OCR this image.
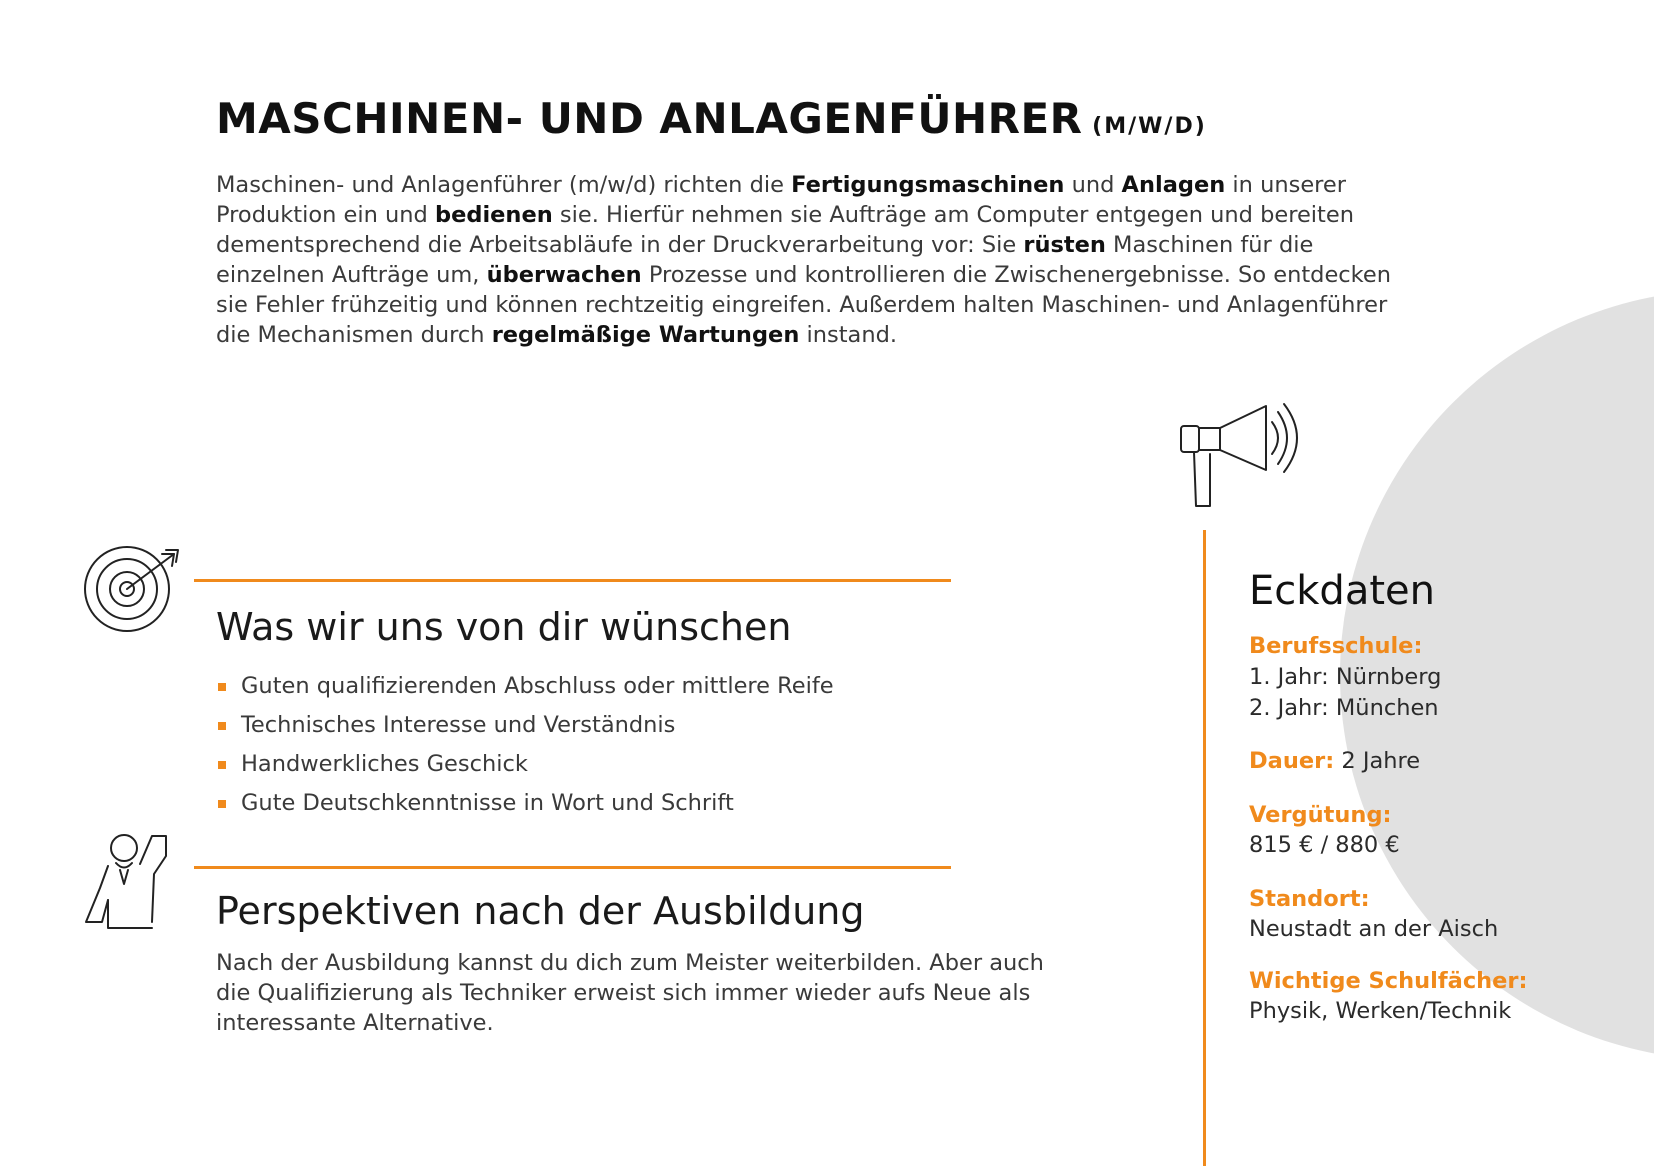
MASCHINEN- UND ANLAGENFÜHRER (M/W/D)

Maschinen- und Anlagenführer (m/w/d) richten die Fertigungsmaschinen und Anlagen in unserer Produktion ein und bedienen sie. Hierfür nehmen sie Aufträge am Computer entgegen und bereiten dementsprechend die Arbeitsabläufe in der Druckverarbeitung vor: Sie rüsten Maschinen für die einzelnen Aufträge um, überwachen Prozesse und kontrollieren die Zwischenergebnisse. So entdecken sie Fehler frühzeitig und können rechtzeitig eingreifen. Außerdem halten Maschinen- und Anlagenführer die Mechanismen durch regelmäßige Wartungen instand.

Was wir uns von dir wünschen
Guten qualifizierenden Abschluss oder mittlere Reife
Technisches Interesse und Verständnis
Handwerkliches Geschick
Gute Deutschkenntnisse in Wort und Schrift
Perspektiven nach der Ausbildung

Nach der Ausbildung kannst du dich zum Meister weiterbilden. Aber auch die Qualifizierung als Techniker erweist sich immer wieder aufs Neue als interessante Alternative.

Eckdaten
Berufsschule:
1. Jahr: Nürnberg
2. Jahr: München
Dauer: 2 Jahre
Vergütung:
815 € / 880 €
Standort:
Neustadt an der Aisch
Wichtige Schulfächer:
Physik, Werken/Technik
